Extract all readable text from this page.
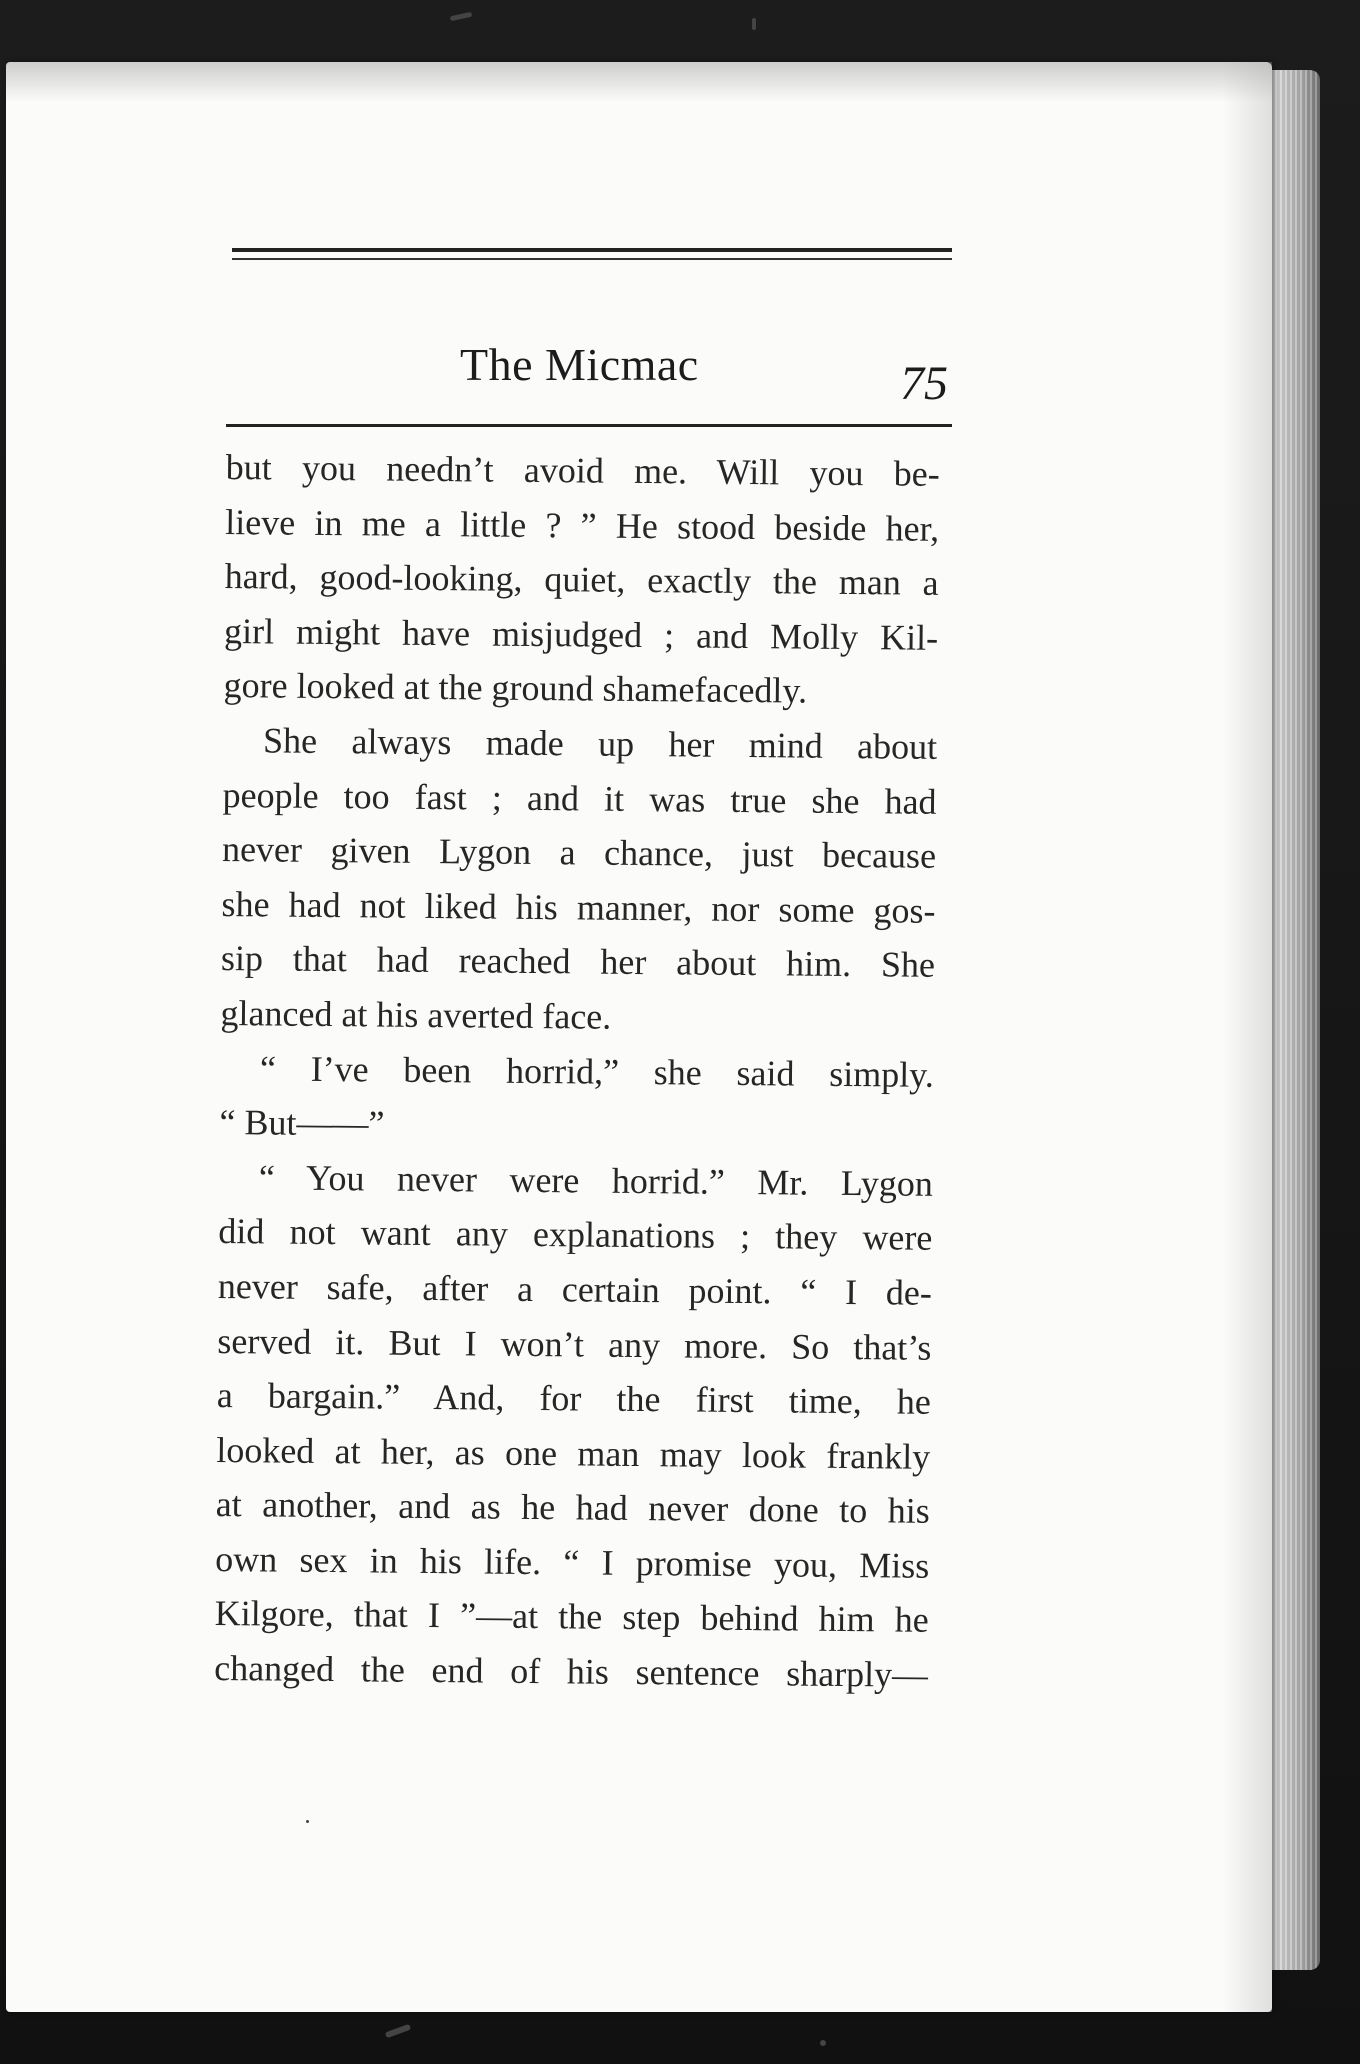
The Micmac	75
but you needn’t avoid me. Will you be-
lieve in me a little ? ” He stood beside her,
hard, good-looking, quiet, exactly the man a
girl might have misjudged ; and Molly Kil-
gore looked at the ground shamefacedly.
She always made up her mind about
people too fast ; and it was true she had
never given Lygon a chance, just because
she had not liked his manner, nor some gos-
sip that had reached her about him. She
glanced at his averted face.
“ I’ve been horrid,” she said simply.
“ But——”
“ You never were horrid.” Mr. Lygon
did not want any explanations ; they were
never safe, after a certain point. “ I de-
served it. But I won’t any more. So that’s
a bargain.” And, for the first time, he
looked at her, as one man may look frankly
at another, and as he had never done to his
own sex in his life. “ I promise you, Miss
Kilgore, that I ”—at the step behind him he
changed the end of his sentence sharply—
